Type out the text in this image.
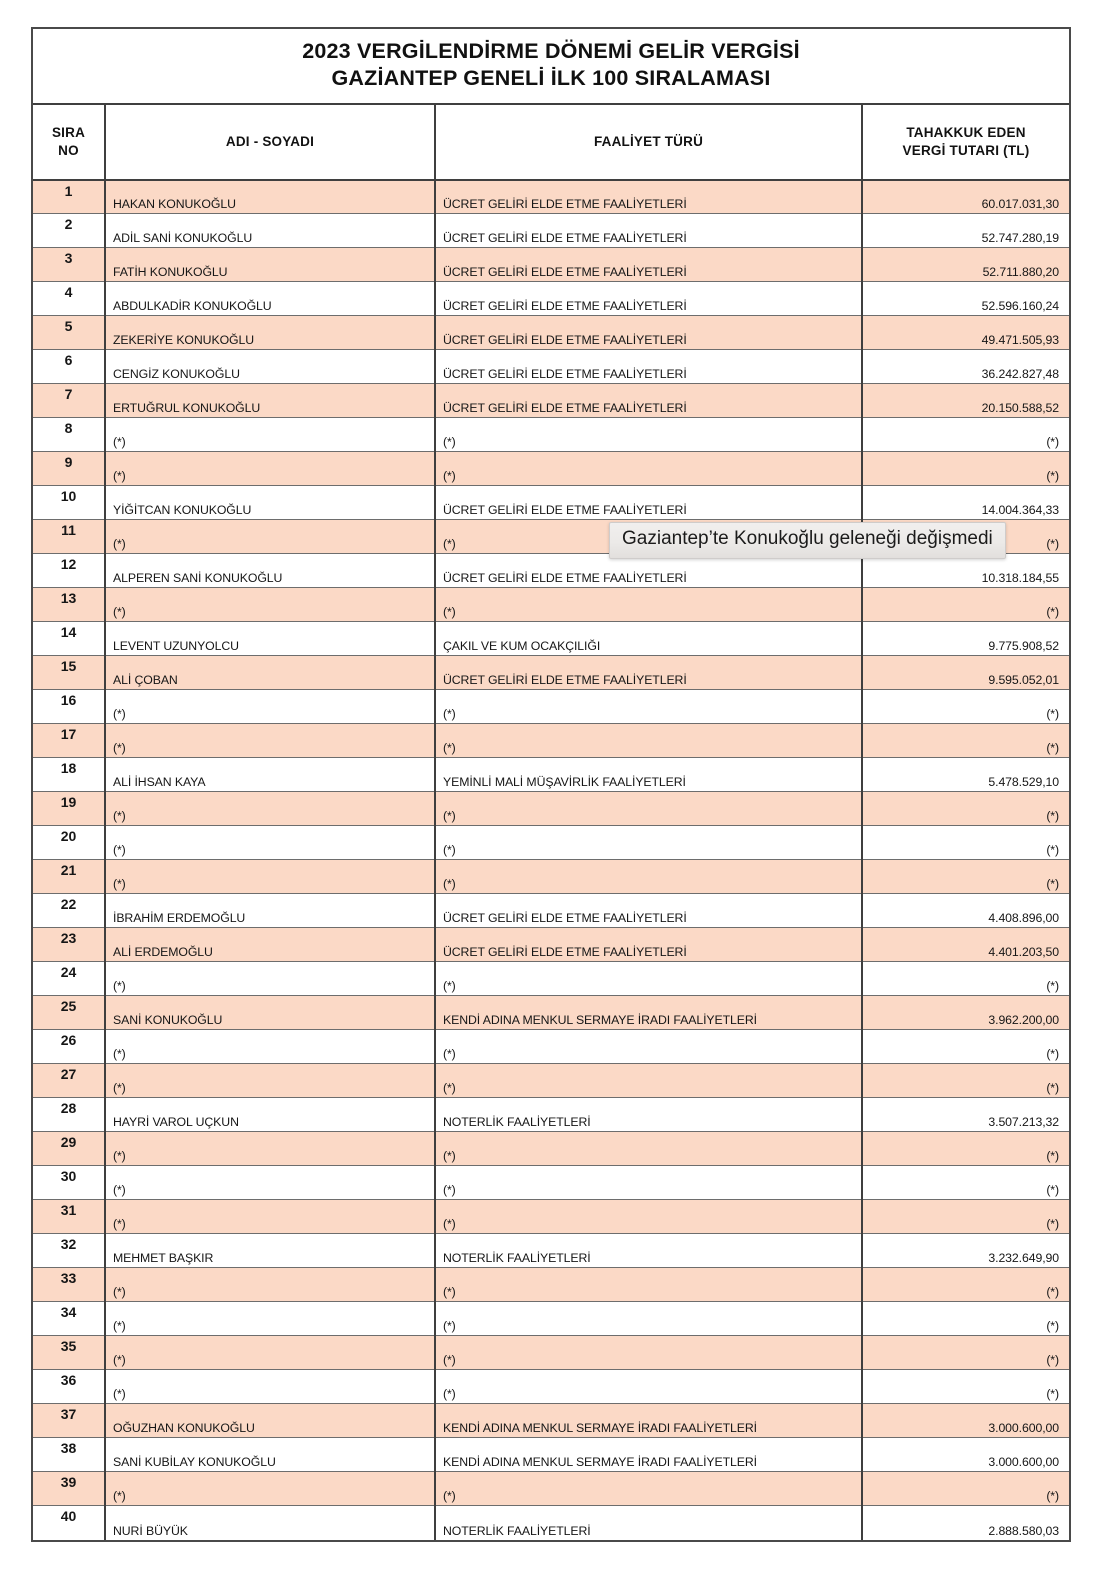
2023 VERGİLENDİRME DÖNEMİ GELİR VERGİSİ
GAZİANTEP GENELİ İLK 100 SIRALAMASI
SIRA
NO	ADI - SOYADI	FAALİYET TÜRÜ	TAHAKKUK EDEN
VERGİ TUTARI (TL)

1	HAKAN KONUKOĞLU	ÜCRET GELİRİ ELDE ETME FAALİYETLERİ	60.017.031,30
2	ADİL SANİ KONUKOĞLU	ÜCRET GELİRİ ELDE ETME FAALİYETLERİ	52.747.280,19
3	FATİH KONUKOĞLU	ÜCRET GELİRİ ELDE ETME FAALİYETLERİ	52.711.880,20
4	ABDULKADİR KONUKOĞLU	ÜCRET GELİRİ ELDE ETME FAALİYETLERİ	52.596.160,24
5	ZEKERİYE KONUKOĞLU	ÜCRET GELİRİ ELDE ETME FAALİYETLERİ	49.471.505,93
6	CENGİZ KONUKOĞLU	ÜCRET GELİRİ ELDE ETME FAALİYETLERİ	36.242.827,48
7	ERTUĞRUL KONUKOĞLU	ÜCRET GELİRİ ELDE ETME FAALİYETLERİ	20.150.588,52
8	(*)	(*)	(*)
9	(*)	(*)	(*)
10	YİĞİTCAN KONUKOĞLU	ÜCRET GELİRİ ELDE ETME FAALİYETLERİ	14.004.364,33
11	(*)	(*)	(*)
12	ALPEREN SANİ KONUKOĞLU	ÜCRET GELİRİ ELDE ETME FAALİYETLERİ	10.318.184,55
13	(*)	(*)	(*)
14	LEVENT UZUNYOLCU	ÇAKIL VE KUM OCAKÇILIĞI	9.775.908,52
15	ALİ ÇOBAN	ÜCRET GELİRİ ELDE ETME FAALİYETLERİ	9.595.052,01
16	(*)	(*)	(*)
17	(*)	(*)	(*)
18	ALİ İHSAN KAYA	YEMİNLİ MALİ MÜŞAVİRLİK FAALİYETLERİ	5.478.529,10
19	(*)	(*)	(*)
20	(*)	(*)	(*)
21	(*)	(*)	(*)
22	İBRAHİM ERDEMOĞLU	ÜCRET GELİRİ ELDE ETME FAALİYETLERİ	4.408.896,00
23	ALİ ERDEMOĞLU	ÜCRET GELİRİ ELDE ETME FAALİYETLERİ	4.401.203,50
24	(*)	(*)	(*)
25	SANİ KONUKOĞLU	KENDİ ADINA MENKUL SERMAYE İRADI FAALİYETLERİ	3.962.200,00
26	(*)	(*)	(*)
27	(*)	(*)	(*)
28	HAYRİ VAROL UÇKUN	NOTERLİK FAALİYETLERİ	3.507.213,32
29	(*)	(*)	(*)
30	(*)	(*)	(*)
31	(*)	(*)	(*)
32	MEHMET BAŞKIR	NOTERLİK FAALİYETLERİ	3.232.649,90
33	(*)	(*)	(*)
34	(*)	(*)	(*)
35	(*)	(*)	(*)
36	(*)	(*)	(*)
37	OĞUZHAN KONUKOĞLU	KENDİ ADINA MENKUL SERMAYE İRADI FAALİYETLERİ	3.000.600,00
38	SANİ KUBİLAY KONUKOĞLU	KENDİ ADINA MENKUL SERMAYE İRADI FAALİYETLERİ	3.000.600,00
39	(*)	(*)	(*)
40	NURİ BÜYÜK	NOTERLİK FAALİYETLERİ	2.888.580,03
Gaziantep’te Konukoğlu geleneği değişmedi
